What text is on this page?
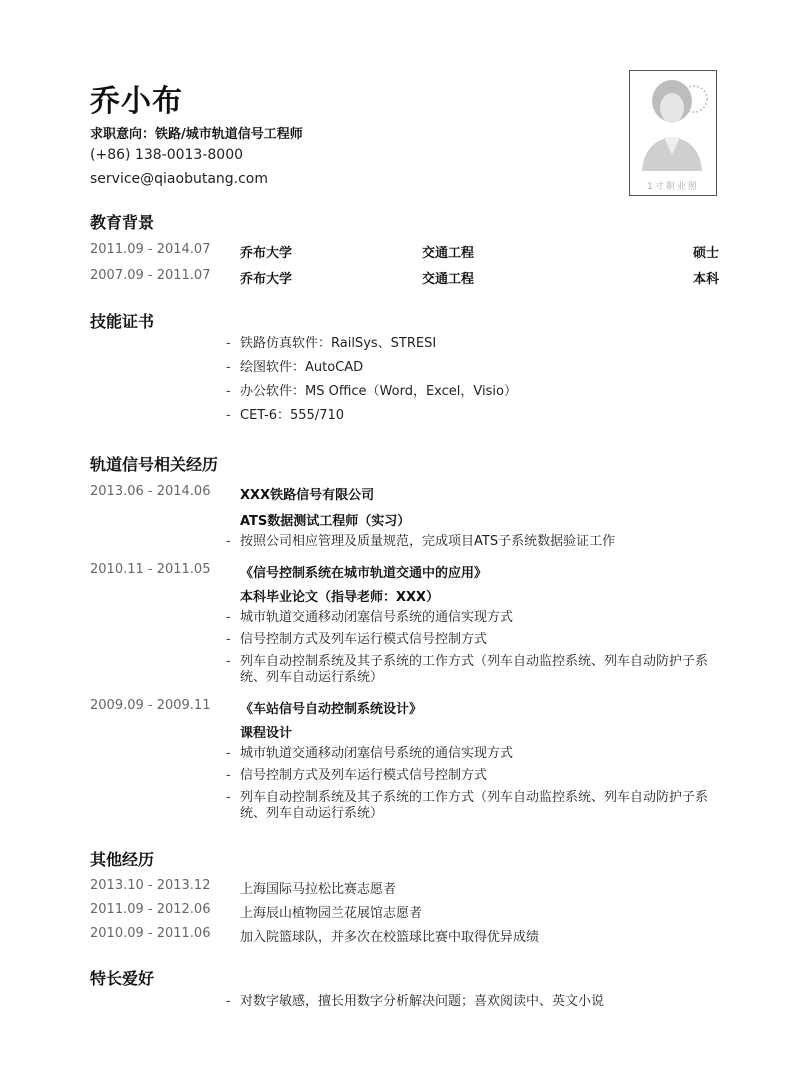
乔小布
求职意向：铁路/城市轨道信号工程师
(+86) 138-0013-8000
service@qiaobutang.com	1寸职业照
教育背景
2011.09 - 2014.07 乔布大学	交通工程	硕士
2007.09 - 2011.07 乔布大学	交通工程	本科
技能证书
- 铁路仿真软件：RailSys、STRESI
- 绘图软件：AutoCAD
- 办公软件：MS Office（Word，Excel，Visio）
- CET-6：555/710
轨道信号相关经历
2013.06 - 2014.06 XXX铁路信号有限公司
ATS数据测试工程师（实习）
- 按照公司相应管理及质量规范，完成项目ATS子系统数据验证工作
2010.11 - 2011.05 《信号控制系统在城市轨道交通中的应用》
本科毕业论文（指导老师：XXX）
- 城市轨道交通移动闭塞信号系统的通信实现方式
- 信号控制方式及列车运行模式信号控制方式
- 列车自动控制系统及其子系统的工作方式（列车自动监控系统、列车自动防护子系统、列车自动运行系统）
2009.09 - 2009.11 《车站信号自动控制系统设计》
课程设计
- 城市轨道交通移动闭塞信号系统的通信实现方式
- 信号控制方式及列车运行模式信号控制方式
- 列车自动控制系统及其子系统的工作方式（列车自动监控系统、列车自动防护子系统、列车自动运行系统）
其他经历
2013.10 - 2013.12 上海国际马拉松比赛志愿者
2011.09 - 2012.06 上海辰山植物园兰花展馆志愿者
2010.09 - 2011.06 加入院篮球队，并多次在校篮球比赛中取得优异成绩
特长爱好
- 对数字敏感，擅长用数字分析解决问题；喜欢阅读中、英文小说
